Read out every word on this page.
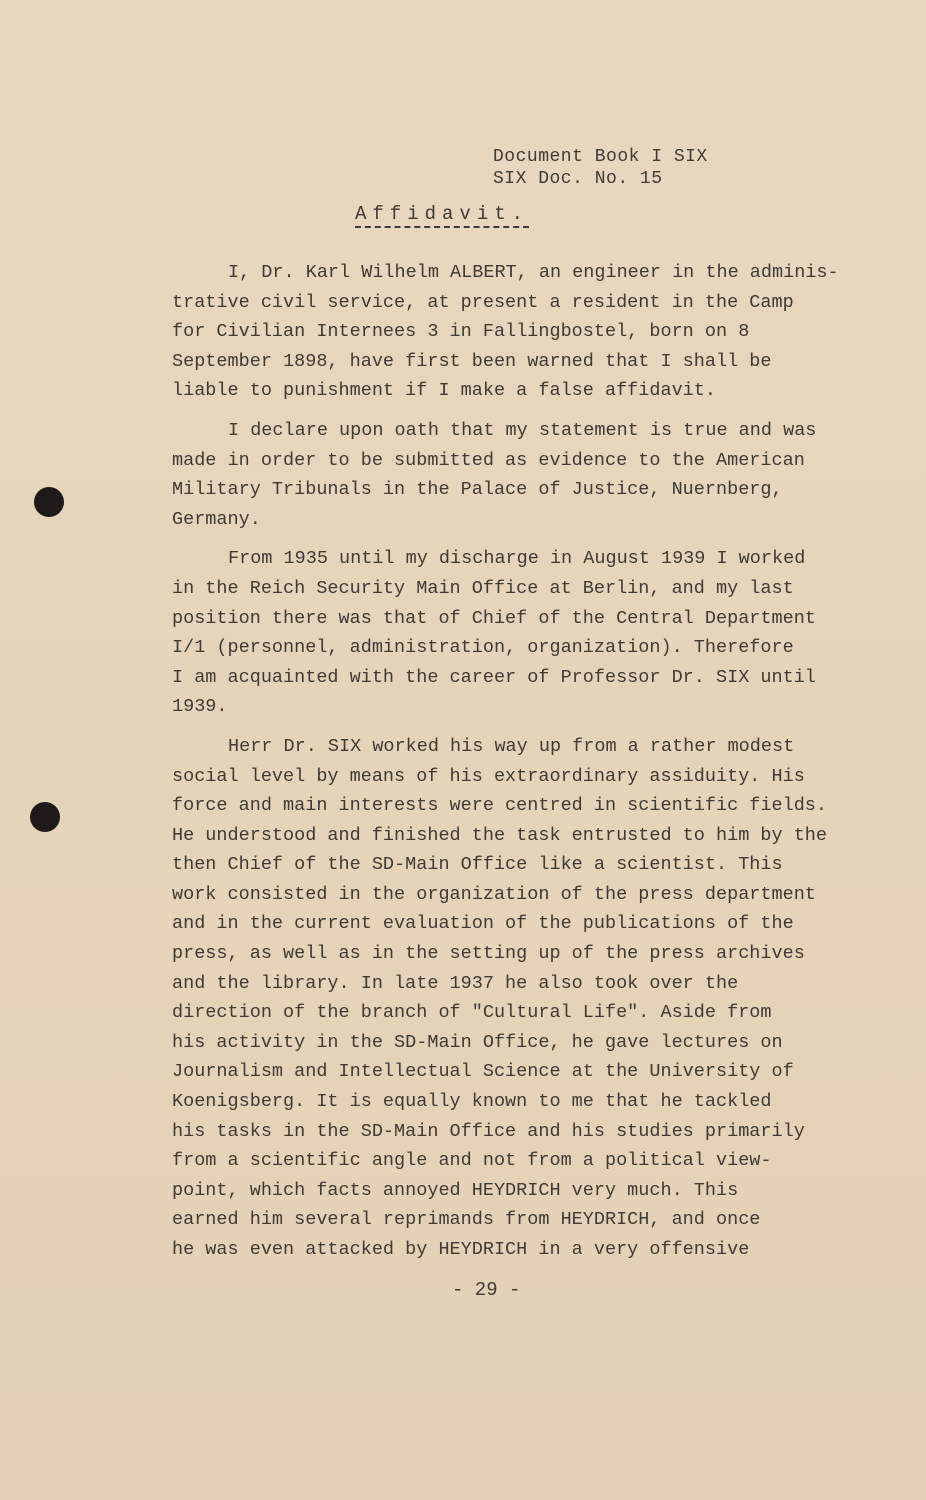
Document Book I SIX
SIX Doc. No. 15
Affidavit.
I, Dr. Karl Wilhelm ALBERT, an engineer in the adminis-
trative civil service, at present a resident in the Camp
for Civilian Internees 3 in Fallingbostel, born on 8
September 1898, have first been warned that I shall be
liable to punishment if I make a false affidavit.
I declare upon oath that my statement is true and was
made in order to be submitted as evidence to the American
Military Tribunals in the Palace of Justice, Nuernberg,
Germany.
From 1935 until my discharge in August 1939 I worked
in the Reich Security Main Office at Berlin, and my last
position there was that of Chief of the Central Department
I/1 (personnel, administration, organization). Therefore
I am acquainted with the career of Professor Dr. SIX until
1939.
Herr Dr. SIX worked his way up from a rather modest
social level by means of his extraordinary assiduity. His
force and main interests were centred in scientific fields.
He understood and finished the task entrusted to him by the
then Chief of the SD-Main Office like a scientist. This
work consisted in the organization of the press department
and in the current evaluation of the publications of the
press, as well as in the setting up of the press archives
and the library. In late 1937 he also took over the
direction of the branch of "Cultural Life". Aside from
his activity in the SD-Main Office, he gave lectures on
Journalism and Intellectual Science at the University of
Koenigsberg. It is equally known to me that he tackled
his tasks in the SD-Main Office and his studies primarily
from a scientific angle and not from a political view-
point, which facts annoyed HEYDRICH very much. This
earned him several reprimands from HEYDRICH, and once
he was even attacked by HEYDRICH in a very offensive
- 29 -
